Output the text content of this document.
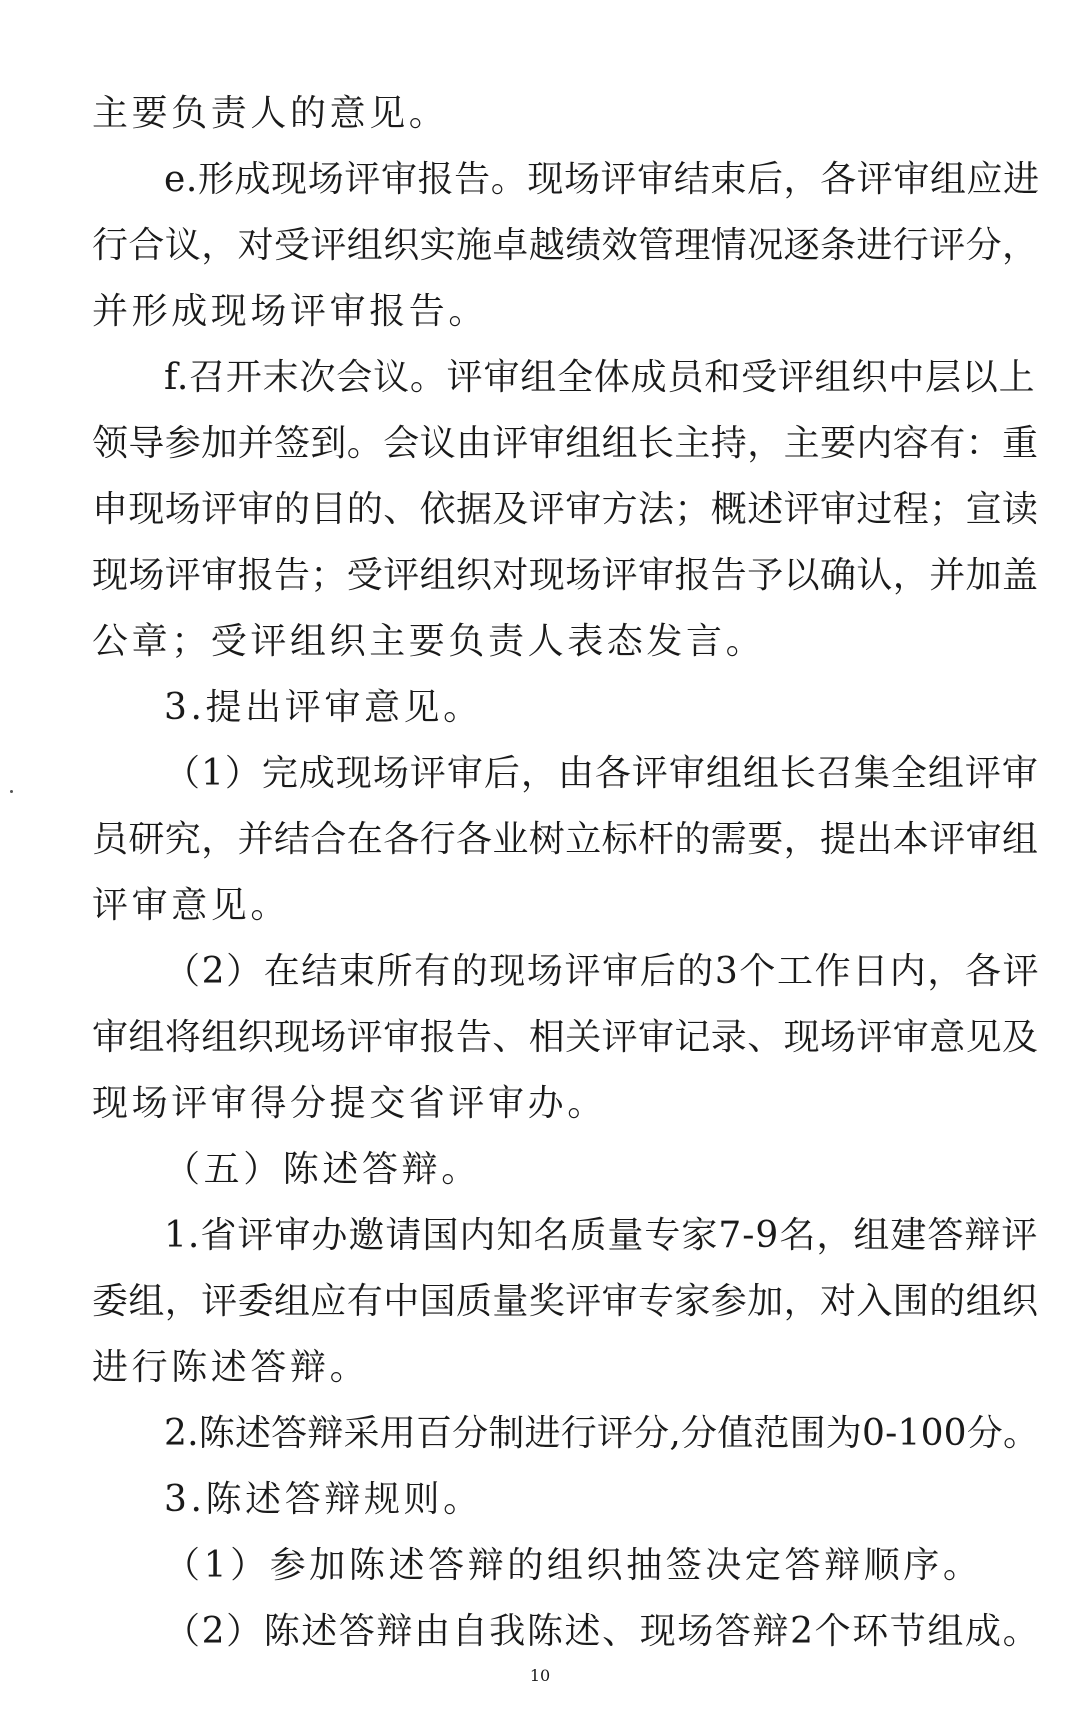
主要负责人的意见。
e.形成现场评审报告。现场评审结束后，各评审组应进
行合议，对受评组织实施卓越绩效管理情况逐条进行评分，
并形成现场评审报告。
f.召开末次会议。评审组全体成员和受评组织中层以上
领导参加并签到。会议由评审组组长主持，主要内容有：重
申现场评审的目的、依据及评审方法；概述评审过程；宣读
现场评审报告；受评组织对现场评审报告予以确认，并加盖
公章；受评组织主要负责人表态发言。
3.提出评审意见。
（1）完成现场评审后，由各评审组组长召集全组评审
员研究，并结合在各行各业树立标杆的需要，提出本评审组
评审意见。
（2）在结束所有的现场评审后的3个工作日内，各评
审组将组织现场评审报告、相关评审记录、现场评审意见及
现场评审得分提交省评审办。
（五）陈述答辩。
1.省评审办邀请国内知名质量专家7-9名，组建答辩评
委组，评委组应有中国质量奖评审专家参加，对入围的组织
进行陈述答辩。
2.陈述答辩采用百分制进行评分,分值范围为0-100分。
3.陈述答辩规则。
（1）参加陈述答辩的组织抽签决定答辩顺序。
（2）陈述答辩由自我陈述、现场答辩2个环节组成。
10
